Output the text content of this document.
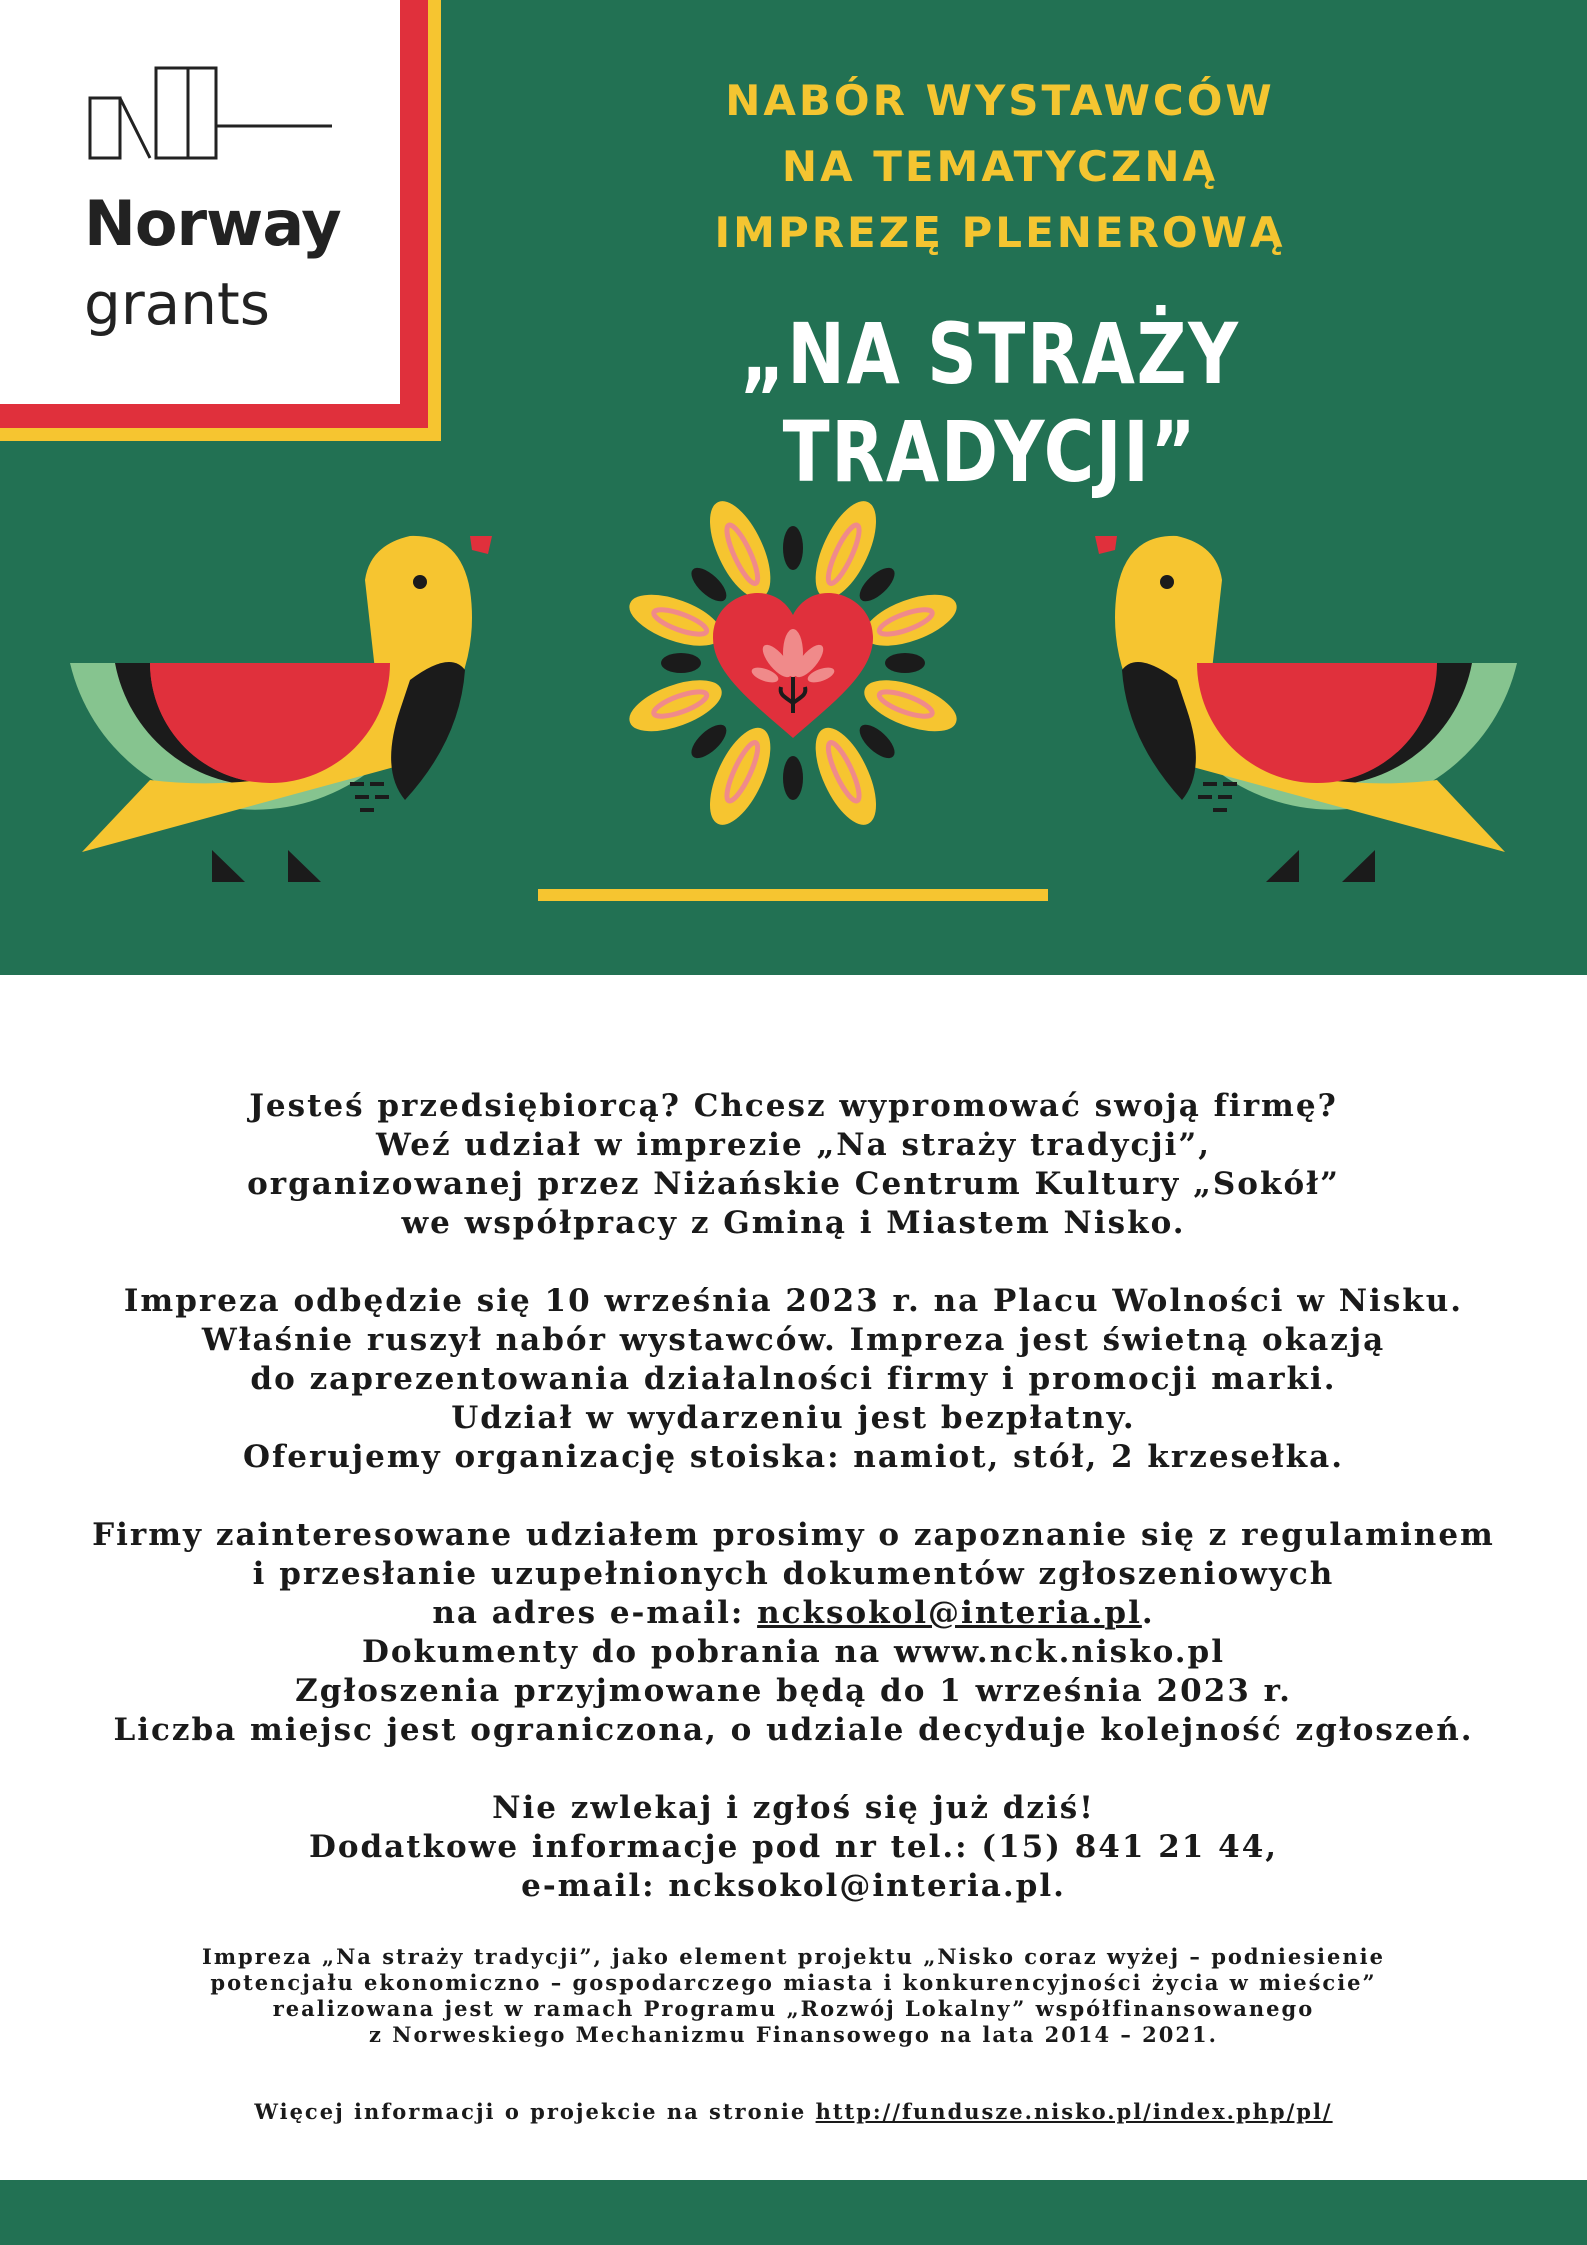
Norway
grants
NABÓR WYSTAWCÓW
NA TEMATYCZNĄ
IMPREZĘ PLENEROWĄ
„NA STRAŻY TRADYCJI”

Jesteś przedsiębiorcą? Chcesz wypromować swoją firmę?
Weź udział w imprezie „Na straży tradycji”,
organizowanej przez Niżańskie Centrum Kultury „Sokół”
we współpracy z Gminą i Miastem Nisko.

Impreza odbędzie się 10 września 2023 r. na Placu Wolności w Nisku.
Właśnie ruszył nabór wystawców. Impreza jest świetną okazją
do zaprezentowania działalności firmy i promocji marki.
Udział w wydarzeniu jest bezpłatny.
Oferujemy organizację stoiska: namiot, stół, 2 krzesełka.

Firmy zainteresowane udziałem prosimy o zapoznanie się z regulaminem
i przesłanie uzupełnionych dokumentów zgłoszeniowych
na adres e-mail: ncksokol@interia.pl.
Dokumenty do pobrania na www.nck.nisko.pl
Zgłoszenia przyjmowane będą do 1 września 2023 r.
Liczba miejsc jest ograniczona, o udziale decyduje kolejność zgłoszeń.

Nie zwlekaj i zgłoś się już dziś!
Dodatkowe informacje pod nr tel.: (15) 841 21 44,
e-mail: ncksokol@interia.pl.

Impreza „Na straży tradycji”, jako element projektu „Nisko coraz wyżej – podniesienie
potencjału ekonomiczno – gospodarczego miasta i konkurencyjności życia w mieście”
realizowana jest w ramach Programu „Rozwój Lokalny” współfinansowanego
z Norweskiego Mechanizmu Finansowego na lata 2014 – 2021.

Więcej informacji o projekcie na stronie http://fundusze.nisko.pl/index.php/pl/
